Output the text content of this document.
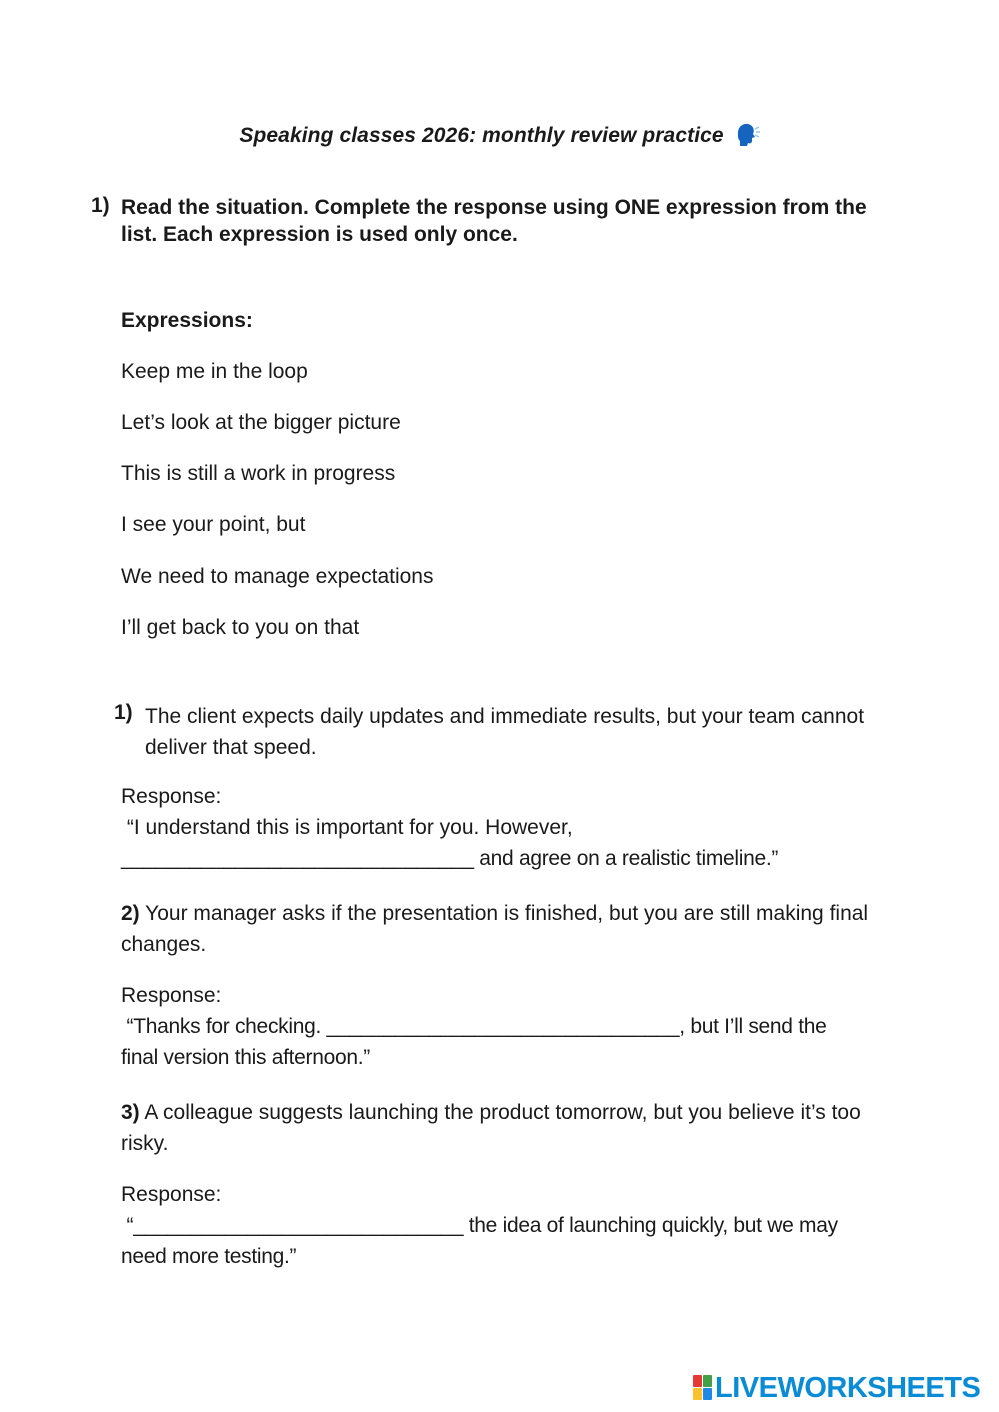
Speaking classes 2026: monthly review practice
1) Read the situation. Complete the response using ONE expression from the list. Each expression is used only once.
Expressions:
Keep me in the loop
Let’s look at the bigger picture
This is still a work in progress
I see your point, but
We need to manage expectations
I’ll get back to you on that
1) The client expects daily updates and immediate results, but your team cannot deliver that speed.
Response:
“I understand this is important for you. However,
_______________________________ and agree on a realistic timeline.”
2) Your manager asks if the presentation is finished, but you are still making final changes.
Response:
“Thanks for checking. _______________________________, but I’ll send the final version this afternoon.”
3) A colleague suggests launching the product tomorrow, but you believe it’s too risky.
Response:
“_____________________________ the idea of launching quickly, but we may need more testing.”
LIVEWORKSHEETS
